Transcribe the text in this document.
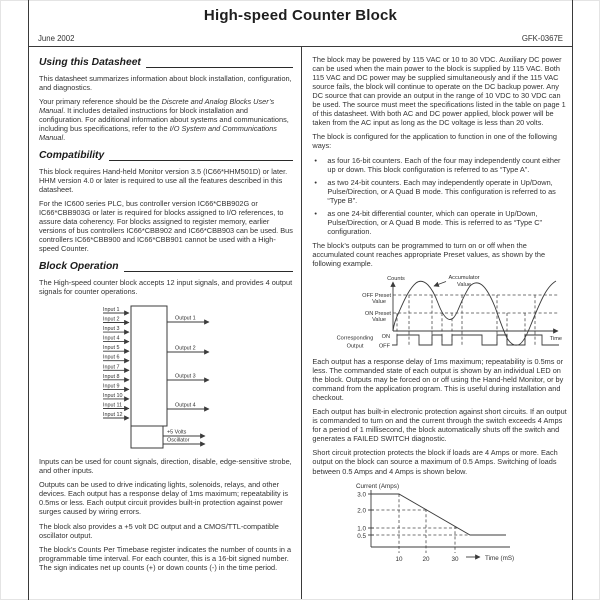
High-speed Counter Block
June 2002	GFK-0367E
Using this Datasheet

This datasheet summarizes information about block installation, configuration, and diagnostics.

Your primary reference should be the Discrete and Analog Blocks User’s Manual. It includes detailed instructions for block installation and configuration. For additional information about systems and communications, including bus specifications, refer to the I/O System and Communications Manual.

Compatibility

This block requires Hand-held Monitor version 3.5 (IC66*HHM501D) or later. HHM version 4.0 or later is required to use all the features described in this datasheet.

For the IC600 series PLC, bus controller version IC66*CBB902G or IC66*CBB903G or later is required for blocks assigned to I/O references, to assure data coherency. For blocks assigned to register memory, earlier versions of bus controllers IC66*CBB902 and IC66*CBB903 can be used. Bus controllers IC66*CBB900 and IC66*CBB901 cannot be used with a High-speed Counter.

Block Operation

The High-speed counter block accepts 12 input signals, and provides 4 output signals for counter operations.

Input 1
Input 2
Input 3
Input 4
Input 5
Input 6
Input 7
Input 8
Input 9
Input 10
Input 11
Input 12
Output 1
Output 2
Output 3
Output 4
+5 Volts
Oscillator

Inputs can be used for count signals, direction, disable, edge-sensitive strobe, and other inputs.

Outputs can be used to drive indicating lights, solenoids, relays, and other devices. Each output has a response delay of 1ms maximum; repeatability is 0.5ms or less. Each output circuit provides built-in protection against power surges caused by wiring errors.

The block also provides a +5 volt DC output and a CMOS/TTL-compatible oscillator output.

The block’s Counts Per Timebase register indicates the number of counts in a programmable time interval. For each counter, this is a 16-bit signed number. The sign indicates net up counts (+) or down counts (-) in the time period.

The block may be powered by 115 VAC or 10 to 30 VDC. Auxiliary DC power can be used when the main power to the block is supplied by 115 VAC. Both 115 VAC and DC power may be supplied simultaneously and if the 115 VAC source fails, the block will continue to operate on the DC backup power. Any DC source that can provide an output in the range of 10 VDC to 30 VDC can be used. The source must meet the specifications listed in the table on page 1 of this datasheet. With both AC and DC power applied, block power will be taken from the AC input as long as the DC voltage is less than 20 volts.

The block is configured for the application to function in one of the following ways:

•	as four 16-bit counters. Each of the four may independently count either up or down. This block configuration is referred to as “Type A”.
•	as two 24-bit counters. Each may independently operate in Up/Down, Pulse/Direction, or A Quad B mode. This configuration is referred to as “Type B”.
•	as one 24-bit differential counter, which can operate in Up/Down, Pulse/Direction, or A Quad B mode. This is referred to as “Type C” configuration.

The block’s outputs can be programmed to turn on or off when the accumulated count reaches appropriate Preset values, as shown by the following example.

Counts	Accumulator
Value
OFF Preset
Value
ON Preset
Value
Time
Corresponding
Output
ON
OFF

Each output has a response delay of 1ms maximum; repeatability is 0.5ms or less. The commanded state of each output is shown by an individual LED on the block. Outputs may be forced on or off using the Hand-held Monitor, or by command from the application program. This is useful during installation and checkout.

Each output has built-in electronic protection against short circuits. If an output is commanded to turn on and the current through the switch exceeds 4 Amps for a period of 1 millisecond, the block automatically shuts off the switch and generates a FAILED SWITCH diagnostic.

Short circuit protection protects the block if loads are 4 Amps or more. Each output on the block can source a maximum of 0.5 Amps. Switching of loads between 0.5 Amps and 4 Amps is shown below.

Current (Amps)
3.0
2.0
1.0
0.5
10	20	30	Time (mS)
